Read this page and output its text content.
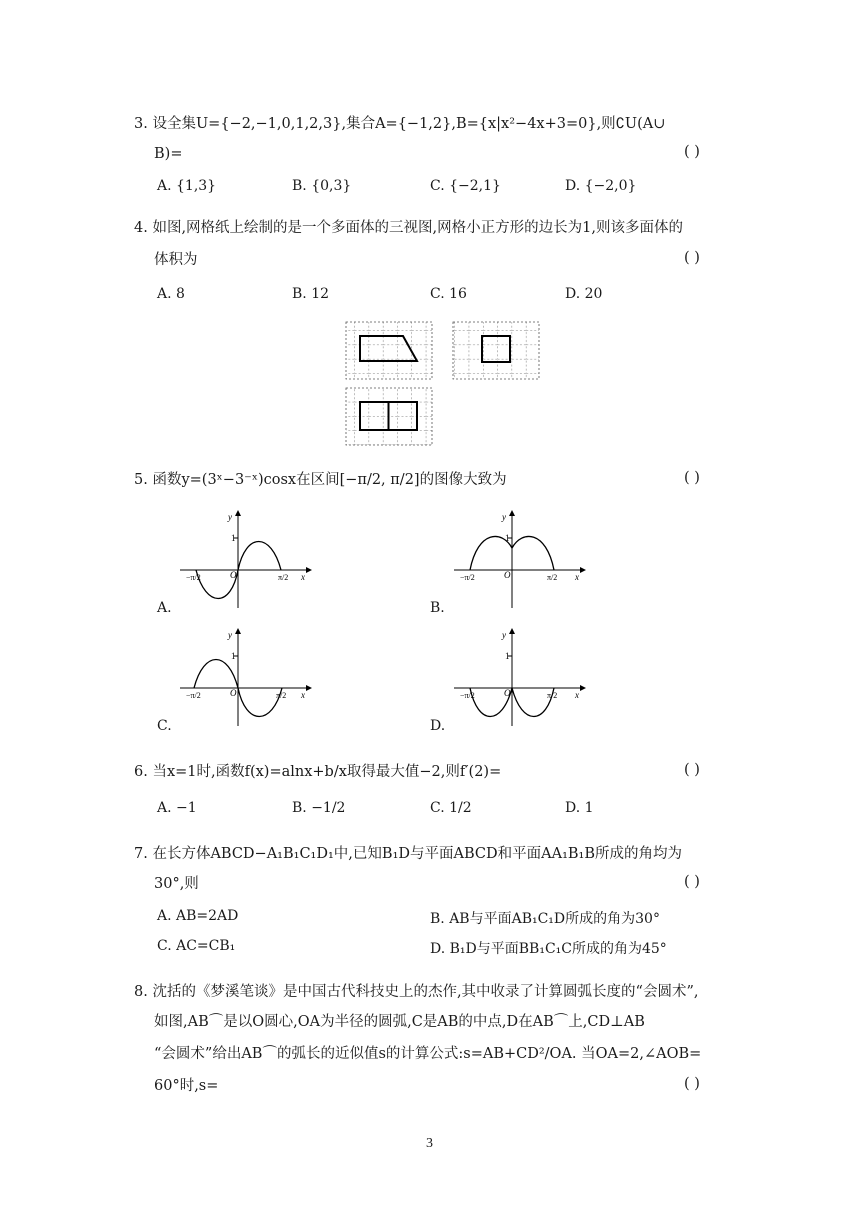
3. 设全集U={−2,−1,0,1,2,3},集合A={−1,2},B={x|x²−4x+3=0},则∁U(A∪
B)=	( )
A. {1,3}	B. {0,3}	C. {−2,1}	D. {−2,0}
4. 如图,网格纸上绘制的是一个多面体的三视图,网格小正方形的边长为1,则该多面体的
体积为	( )
A. 8	B. 12	C. 16	D. 20
5. 函数y=(3ˣ−3⁻ˣ)cosx在区间[−π/2, π/2]的图像大致为	( )
y
x
O
1
−π/2	π/2
A.
y
x
O
1
−π/2	π/2
B.
y
x
O
1
−π/2	π/2
C.
y
x
O
1
−π/2	π/2
D.
6. 当x=1时,函数f(x)=alnx+b/x取得最大值−2,则f′(2)=	( )
A. −1	B. −1/2	C. 1/2	D. 1
7. 在长方体ABCD−A₁B₁C₁D₁中,已知B₁D与平面ABCD和平面AA₁B₁B所成的角均为
30°,则	( )
A. AB=2AD	B. AB与平面AB₁C₁D所成的角为30°
C. AC=CB₁	D. B₁D与平面BB₁C₁C所成的角为45°
8. 沈括的《梦溪笔谈》是中国古代科技史上的杰作,其中收录了计算圆弧长度的“会圆术”,
如图,AB⌒是以O圆心,OA为半径的圆弧,C是AB的中点,D在AB⌒上,CD⊥AB
“会圆术”给出AB⌒的弧长的近似值s的计算公式:s=AB+CD²/OA. 当OA=2,∠AOB=
60°时,s=	( )
3
